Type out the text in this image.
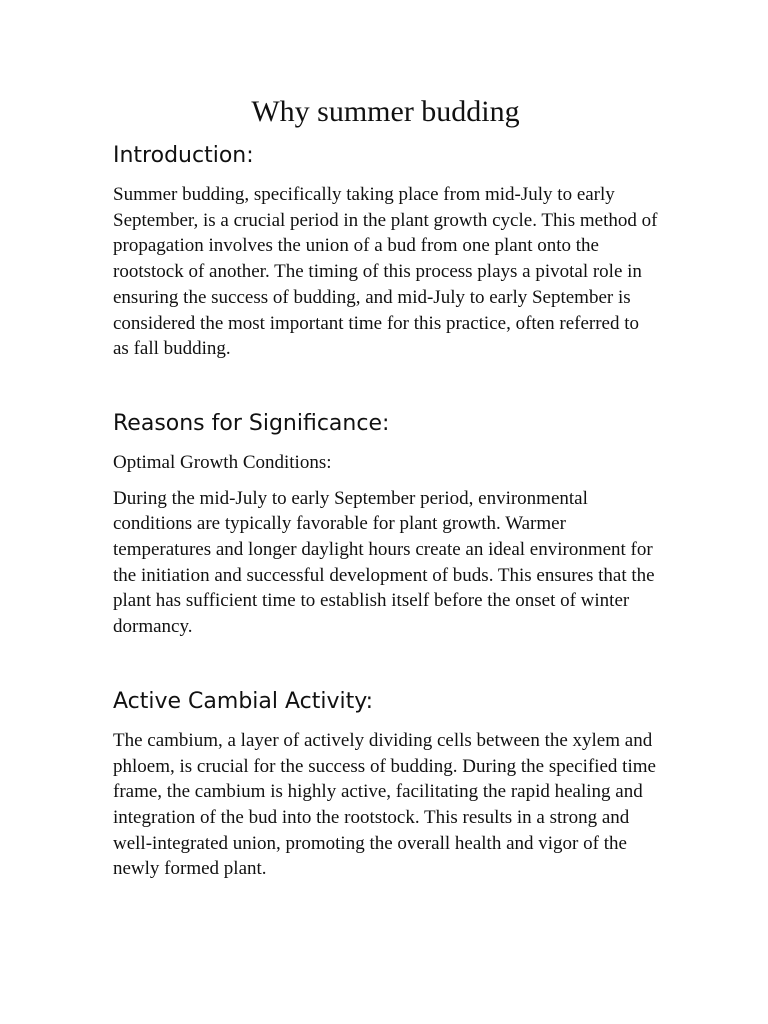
Why summer budding
Introduction:

Summer budding, specifically taking place from mid-July to early September, is a crucial period in the plant growth cycle. This method of propagation involves the union of a bud from one plant onto the rootstock of another. The timing of this process plays a pivotal role in ensuring the success of budding, and mid-July to early September is considered the most important time for this practice, often referred to as fall budding.

Reasons for Significance:

Optimal Growth Conditions:

During the mid-July to early September period, environmental conditions are typically favorable for plant growth. Warmer temperatures and longer daylight hours create an ideal environment for the initiation and successful development of buds. This ensures that the plant has sufficient time to establish itself before the onset of winter dormancy.

Active Cambial Activity:

The cambium, a layer of actively dividing cells between the xylem and phloem, is crucial for the success of budding. During the specified time frame, the cambium is highly active, facilitating the rapid healing and integration of the bud into the rootstock. This results in a strong and well-integrated union, promoting the overall health and vigor of the newly formed plant.
